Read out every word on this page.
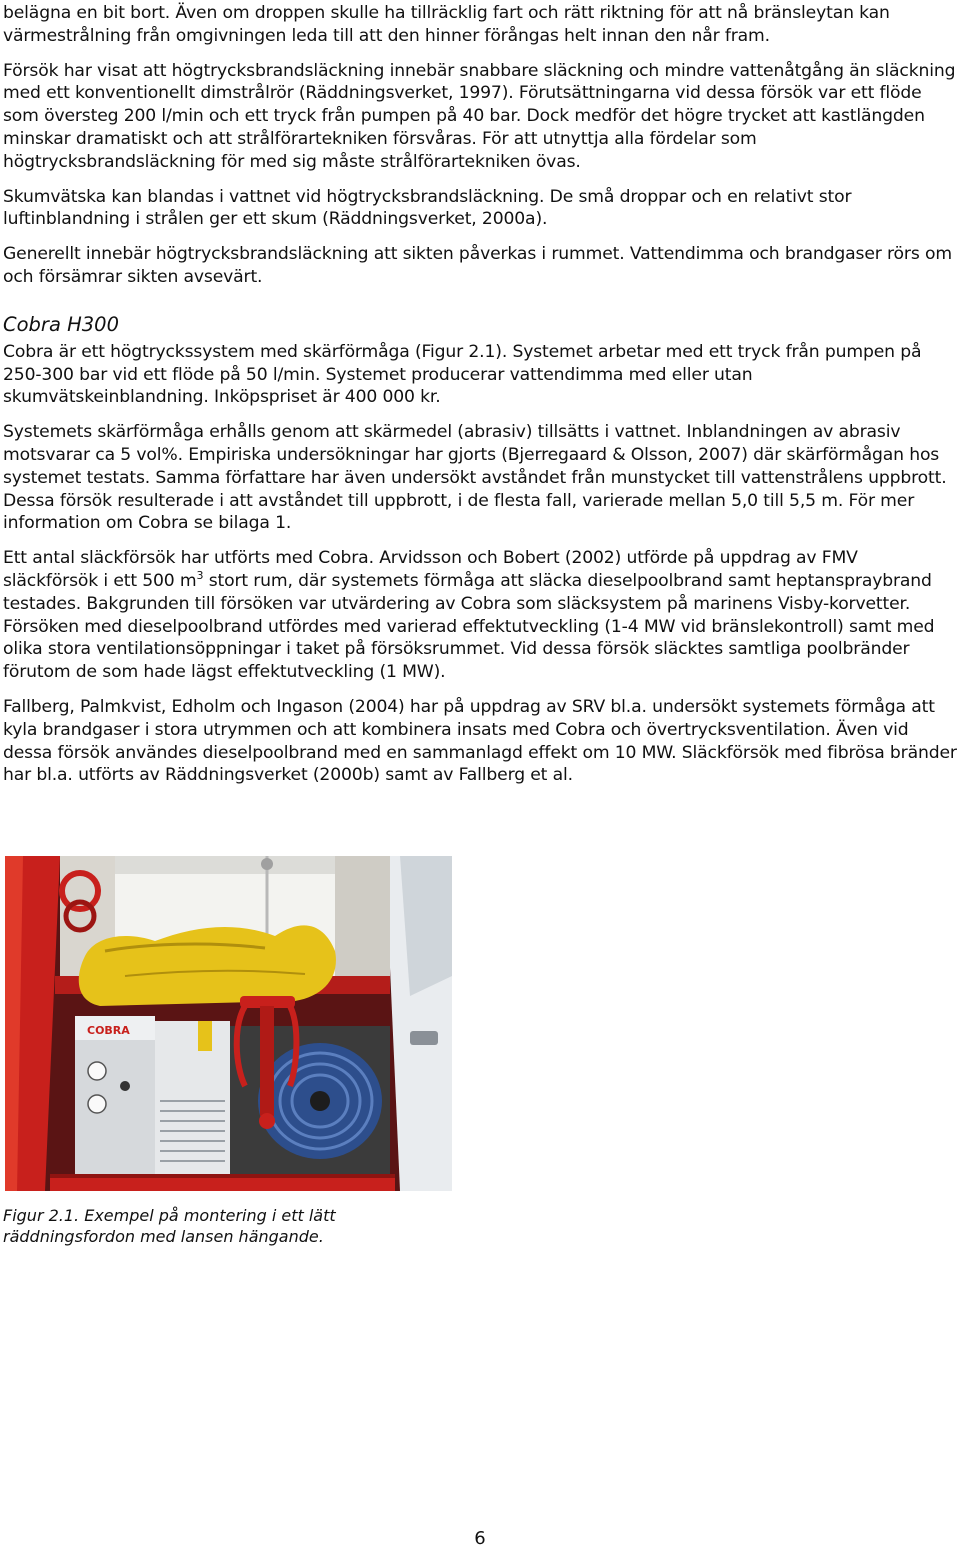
belägna en bit bort. Även om droppen skulle ha tillräcklig fart och rätt riktning för att nå bränsleytan kan värmestrålning från omgivningen leda till att den hinner förångas helt innan den når fram.

Försök har visat att högtrycksbrandsläckning innebär snabbare släckning och mindre vattenåtgång än släckning med ett konventionellt dimstrålrör (Räddningsverket, 1997). Förutsättningarna vid dessa försök var ett flöde som översteg 200 l/min och ett tryck från pumpen på 40 bar. Dock medför det högre trycket att kastlängden minskar dramatiskt och att strålförartekniken försvåras. För att utnyttja alla fördelar som högtrycksbrandsläckning för med sig måste strålförartekniken övas.

Skumvätska kan blandas i vattnet vid högtrycksbrandsläckning. De små droppar och en relativt stor luftinblandning i strålen ger ett skum (Räddningsverket, 2000a).

Generellt innebär högtrycksbrandsläckning att sikten påverkas i rummet. Vattendimma och brandgaser rörs om och försämrar sikten avsevärt.

Cobra H300

Cobra är ett högtryckssystem med skärförmåga (Figur 2.1). Systemet arbetar med ett tryck från pumpen på 250-300 bar vid ett flöde på 50 l/min. Systemet producerar vattendimma med eller utan skumvätskeinblandning. Inköpspriset är 400 000 kr.

Systemets skärförmåga erhålls genom att skärmedel (abrasiv) tillsätts i vattnet. Inblandningen av abrasiv motsvarar ca 5 vol%. Empiriska undersökningar har gjorts (Bjerregaard & Olsson, 2007) där skärförmågan hos systemet testats. Samma författare har även undersökt avståndet från munstycket till vattenstrålens uppbrott. Dessa försök resulterade i att avståndet till uppbrott, i de flesta fall, varierade mellan 5,0 till 5,5 m. För mer information om Cobra se bilaga 1.

Ett antal släckförsök har utförts med Cobra. Arvidsson och Bobert (2002) utförde på uppdrag av FMV släckförsök i ett 500 $m^3$ stort rum, där systemets förmåga att släcka dieselpoolbrand samt heptanspraybrand testades. Bakgrunden till försöken var utvärdering av Cobra som släcksystem på marinens Visby-korvetter. Försöken med dieselpoolbrand utfördes med varierad effektutveckling (1-4 MW vid bränslekontroll) samt med olika stora ventilationsöppningar i taket på försöksrummet. Vid dessa försök släcktes samtliga poolbränder förutom de som hade lägst effektutveckling (1 MW).

Fallberg, Palmkvist, Edholm och Ingason (2004) har på uppdrag av SRV bl.a. undersökt systemets förmåga att kyla brandgaser i stora utrymmen och att kombinera insats med Cobra och övertrycksventilation. Även vid dessa försök användes dieselpoolbrand med en sammanlagd effekt om 10 MW. Släckförsök med fibrösa bränder har bl.a. utförts av Räddningsverket (2000b) samt av Fallberg et al.

COBRA
Figur 2.1. Exempel på montering i ett lätt räddningsfordon med lansen hängande.
6
